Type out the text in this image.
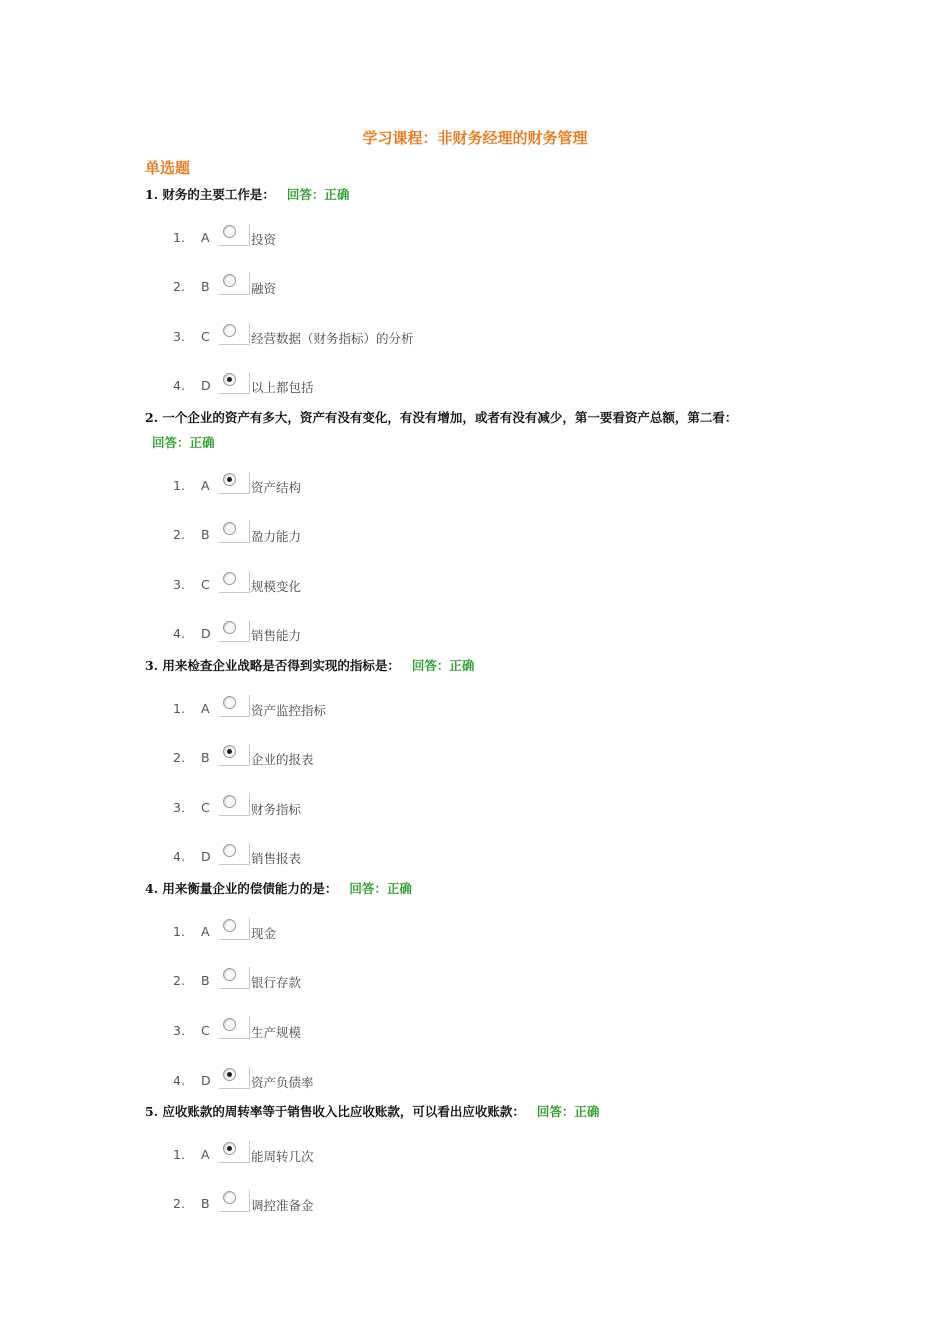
学习课程：非财务经理的财务管理
单选题
1. 财务的主要工作是： 回答：正确
1. A	投资
2. B	融资
3. C	经营数据（财务指标）的分析
4. D	以上都包括
2. 一个企业的资产有多大，资产有没有变化，有没有增加，或者有没有减少，第一要看资产总额，第二看：
回答：正确
1. A	资产结构
2. B	盈力能力
3. C	规模变化
4. D	销售能力
3. 用来检查企业战略是否得到实现的指标是： 回答：正确
1. A	资产监控指标
2. B	企业的报表
3. C	财务指标
4. D	销售报表
4. 用来衡量企业的偿债能力的是： 回答：正确
1. A	现金
2. B	银行存款
3. C	生产规模
4. D	资产负债率
5. 应收账款的周转率等于销售收入比应收账款，可以看出应收账款： 回答：正确
1. A	能周转几次
2. B	调控准备金
